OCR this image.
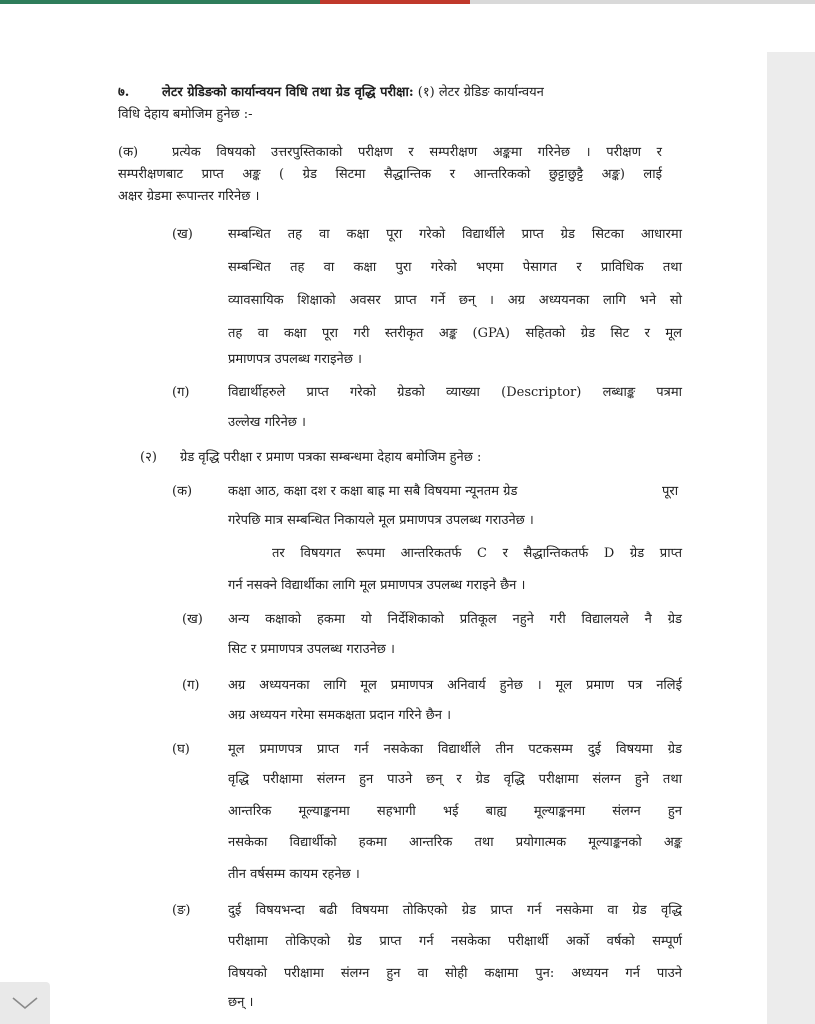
७.	लेटर ग्रेडिङको कार्यान्वयन विधि तथा ग्रेड वृद्धि परीक्षा: (१) लेटर ग्रेडिङ कार्यान्वयन
विधि देहाय बमोजिम हुनेछ :-
(क)	प्रत्येक विषयको उत्तरपुस्तिकाको परीक्षण र सम्परीक्षण अङ्कमा गरिनेछ । परीक्षण र
सम्परीक्षणबाट प्राप्त अङ्क ( ग्रेड सिटमा सैद्धान्तिक र आन्तरिकको छुट्टाछुट्टै अङ्क) लाई
अक्षर ग्रेडमा रूपान्तर गरिनेछ ।
(ख)	सम्बन्धित तह वा कक्षा पूरा गरेको विद्यार्थीले प्राप्त ग्रेड सिटका आधारमा
सम्बन्धित तह वा कक्षा पुरा गरेको भएमा पेसागत र प्राविधिक तथा
व्यावसायिक शिक्षाको अवसर प्राप्त गर्ने छन् । अग्र अध्ययनका लागि भने सो
तह वा कक्षा पूरा गरी स्तरीकृत अङ्क (GPA) सहितको ग्रेड सिट र मूल
प्रमाणपत्र उपलब्ध गराइनेछ ।
(ग)	विद्यार्थीहरुले प्राप्त गरेको ग्रेडको व्याख्या (Descriptor) लब्धाङ्क पत्रमा
उल्लेख गरिनेछ ।
(२) ग्रेड वृद्धि परीक्षा र प्रमाण पत्रका सम्बन्धमा देहाय बमोजिम हुनेछ :
(क)	कक्षा आठ, कक्षा दश र कक्षा बाह्र मा सबै विषयमा न्यूनतम ग्रेड	पूरा
गरेपछि मात्र सम्बन्धित निकायले मूल प्रमाणपत्र उपलब्ध गराउनेछ ।
तर विषयगत रूपमा आन्तरिकतर्फ C र सैद्धान्तिकतर्फ D ग्रेड प्राप्त
गर्न नसक्ने विद्यार्थीका लागि मूल प्रमाणपत्र उपलब्ध गराइने छैन ।
(ख) अन्य कक्षाको हकमा यो निर्देशिकाको प्रतिकूल नहुने गरी विद्यालयले नै ग्रेड
सिट र प्रमाणपत्र उपलब्ध गराउनेछ ।
(ग) अग्र अध्ययनका लागि मूल प्रमाणपत्र अनिवार्य हुनेछ । मूल प्रमाण पत्र नलिई
अग्र अध्ययन गरेमा समकक्षता प्रदान गरिने छैन ।
(घ)	मूल प्रमाणपत्र प्राप्त गर्न नसकेका विद्यार्थीले तीन पटकसम्म दुई विषयमा ग्रेड
वृद्धि परीक्षामा संलग्न हुन पाउने छन् र ग्रेड वृद्धि परीक्षामा संलग्न हुने तथा
आन्तरिक मूल्याङ्कनमा सहभागी भई बाह्य मूल्याङ्कनमा संलग्न हुन
नसकेका विद्यार्थीको हकमा आन्तरिक तथा प्रयोगात्मक मूल्याङ्कनको अङ्क
तीन वर्षसम्म कायम रहनेछ ।
(ङ)	दुई विषयभन्दा बढी विषयमा तोकिएको ग्रेड प्राप्त गर्न नसकेमा वा ग्रेड वृद्धि
परीक्षामा तोकिएको ग्रेड प्राप्त गर्न नसकेका परीक्षार्थी अर्को वर्षको सम्पूर्ण
विषयको परीक्षामा संलग्न हुन वा सोही कक्षामा पुन: अध्ययन गर्न पाउने
छन् ।
